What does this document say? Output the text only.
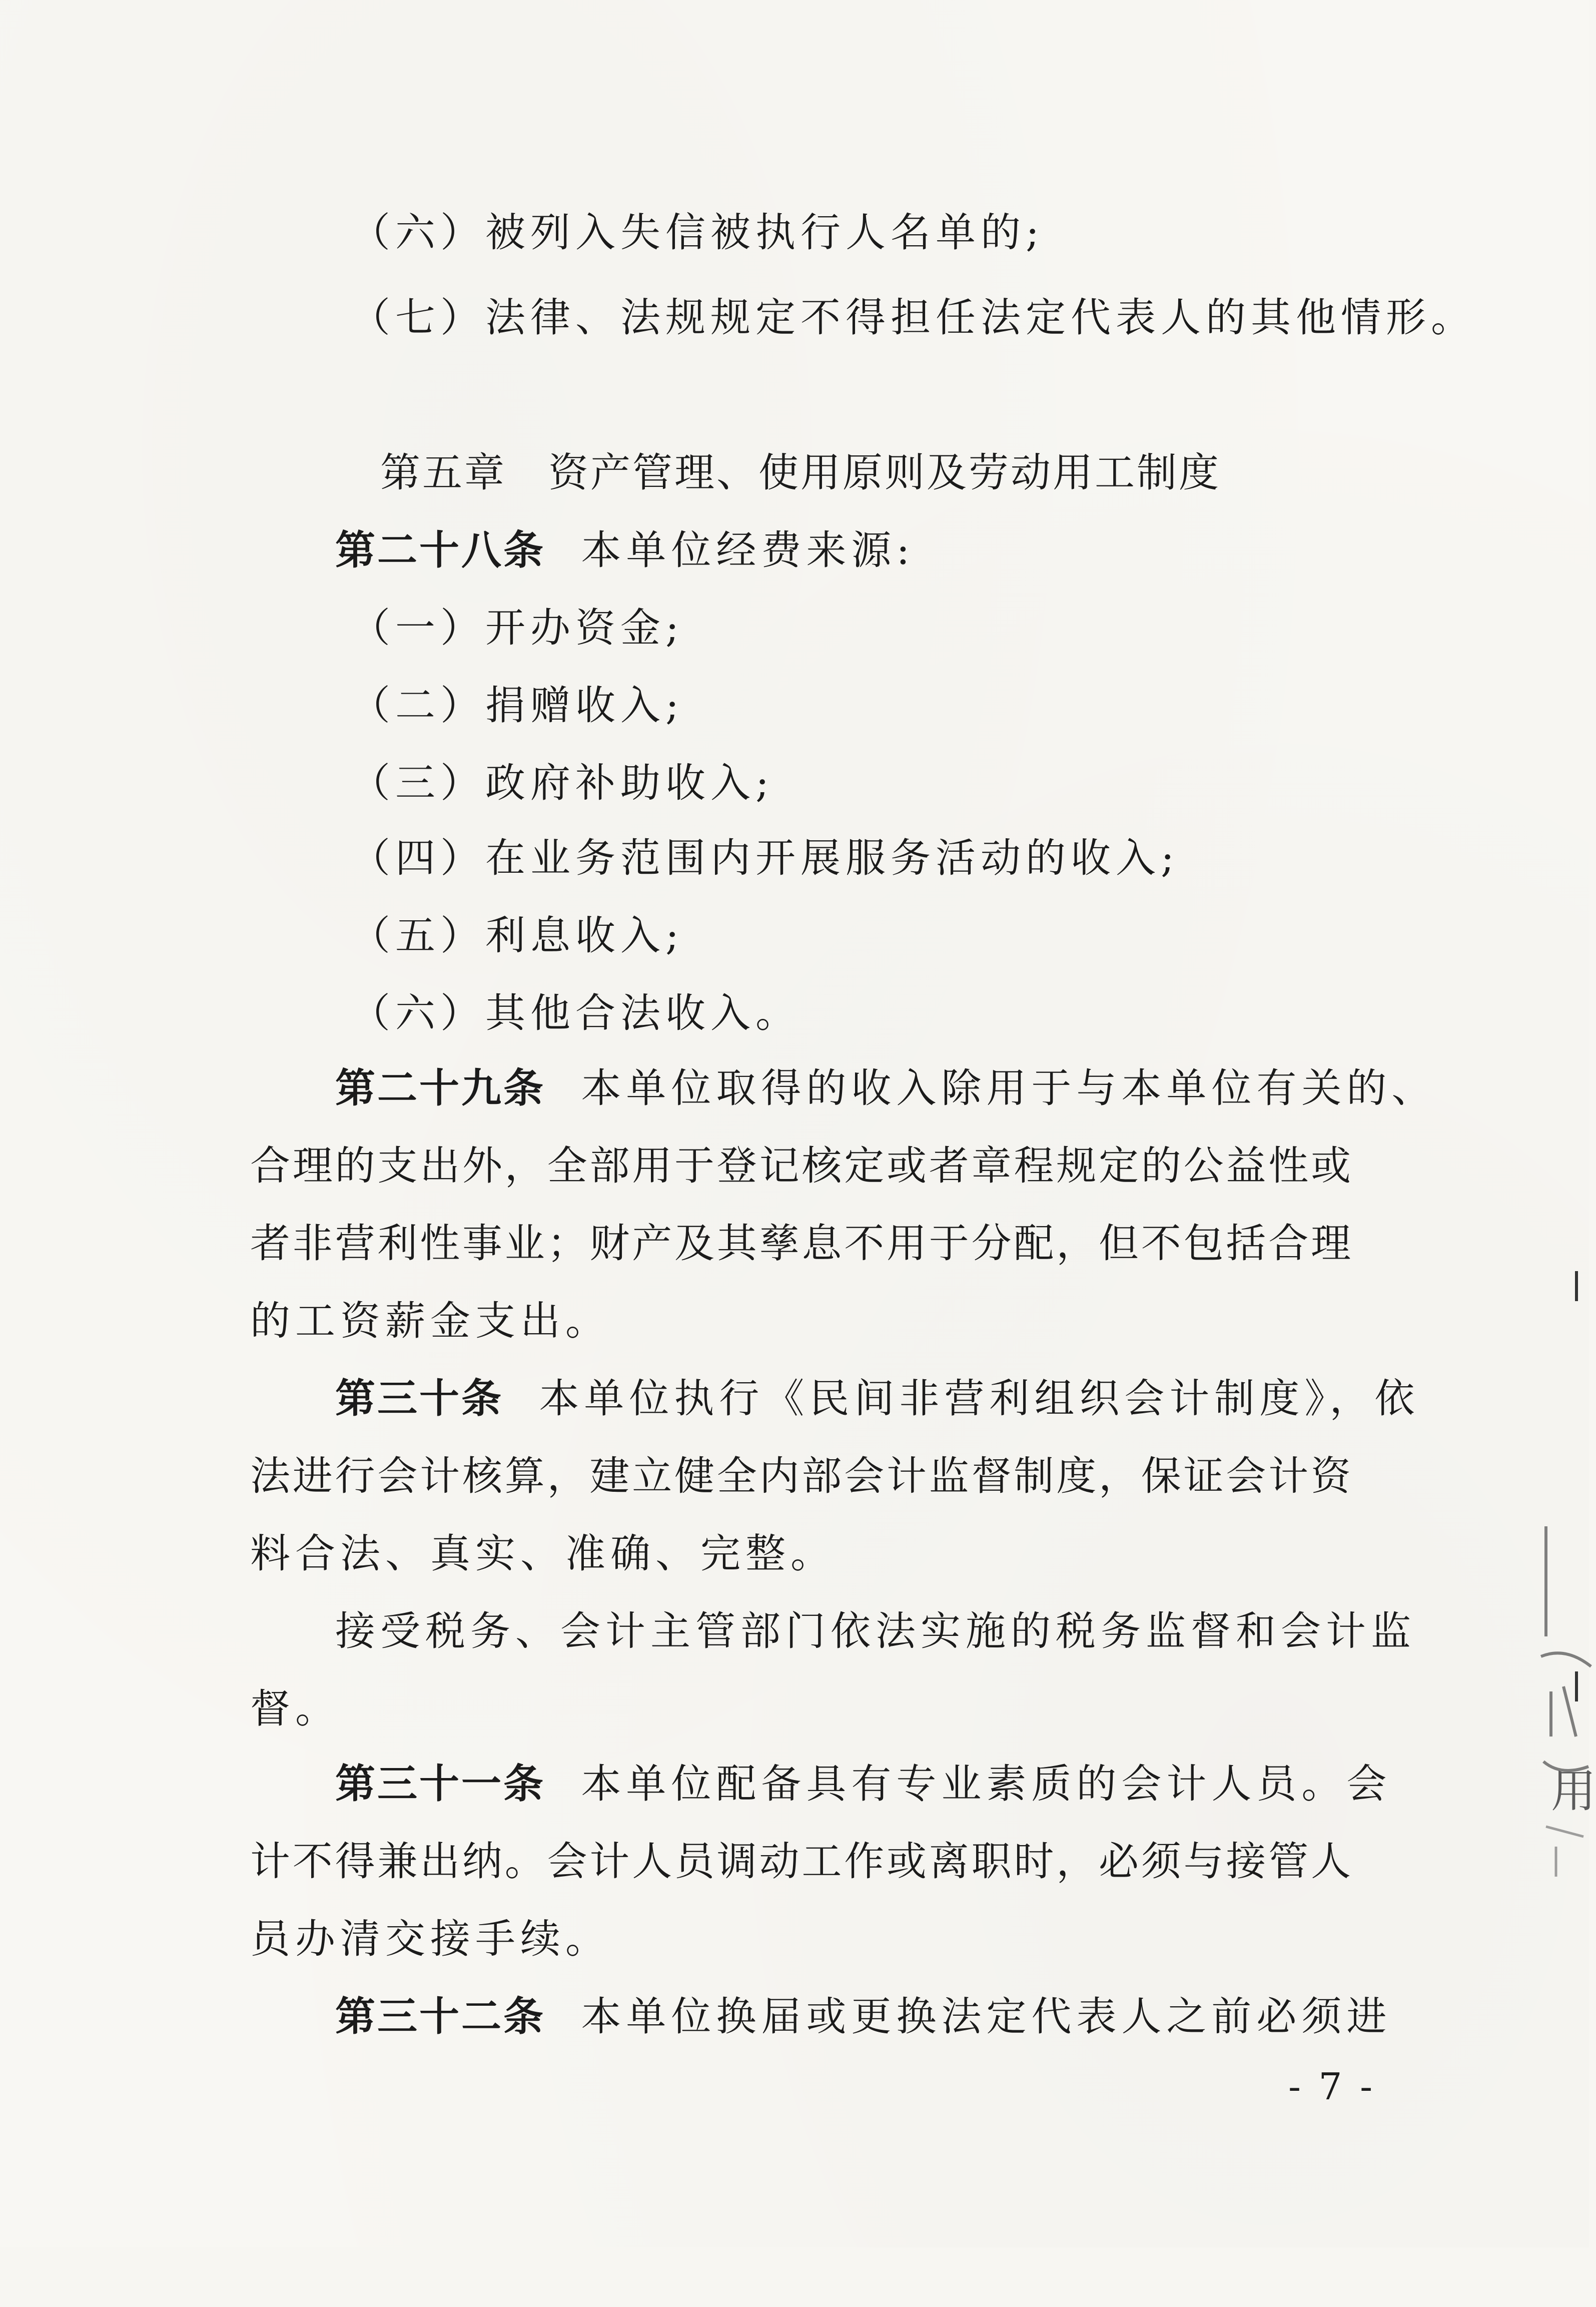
（六）被列入失信被执行人名单的;
（七）法律、法规规定不得担任法定代表人的其他情形。
第五章　资产管理、使用原则及劳动用工制度
第二十八条 本单位经费来源:
（一）开办资金;
（二）捐赠收入;
（三）政府补助收入;
（四）在业务范围内开展服务活动的收入;
（五）利息收入;
（六）其他合法收入。
第二十九条 本单位取得的收入除用于与本单位有关的、
合理的支出外，全部用于登记核定或者章程规定的公益性或
者非营利性事业；财产及其孳息不用于分配，但不包括合理
的工资薪金支出。
第三十条 本单位执行《民间非营利组织会计制度》，依
法进行会计核算，建立健全内部会计监督制度，保证会计资
料合法、真实、准确、完整。
接受税务、会计主管部门依法实施的税务监督和会计监
督。
第三十一条 本单位配备具有专业素质的会计人员。会
计不得兼出纳。会计人员调动工作或离职时，必须与接管人
员办清交接手续。
第三十二条 本单位换届或更换法定代表人之前必须进
- 7 -
用
